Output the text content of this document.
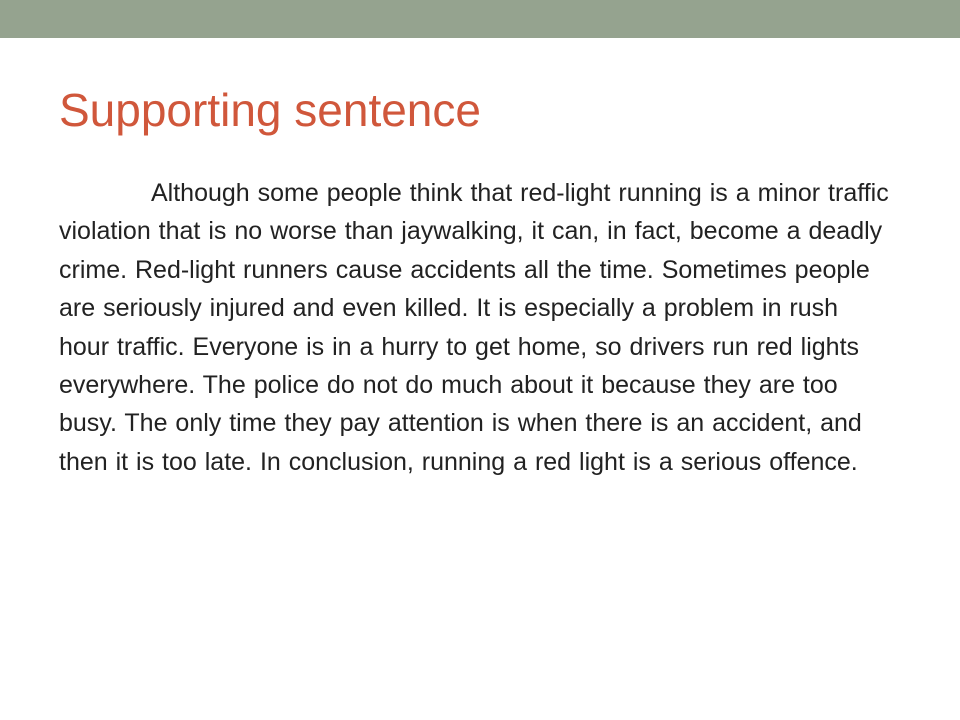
Supporting sentence

Although some people think that red-light running is a minor traffic violation that is no worse than jaywalking, it can, in fact, become a deadly crime. Red-light runners cause accidents all the time. Sometimes people are seriously injured and even killed. It is especially a problem in rush hour traffic. Everyone is in a hurry to get home, so drivers run red lights everywhere. The police do not do much about it because they are too busy. The only time they pay attention is when there is an accident, and then it is too late. In conclusion, running a red light is a serious offence.
